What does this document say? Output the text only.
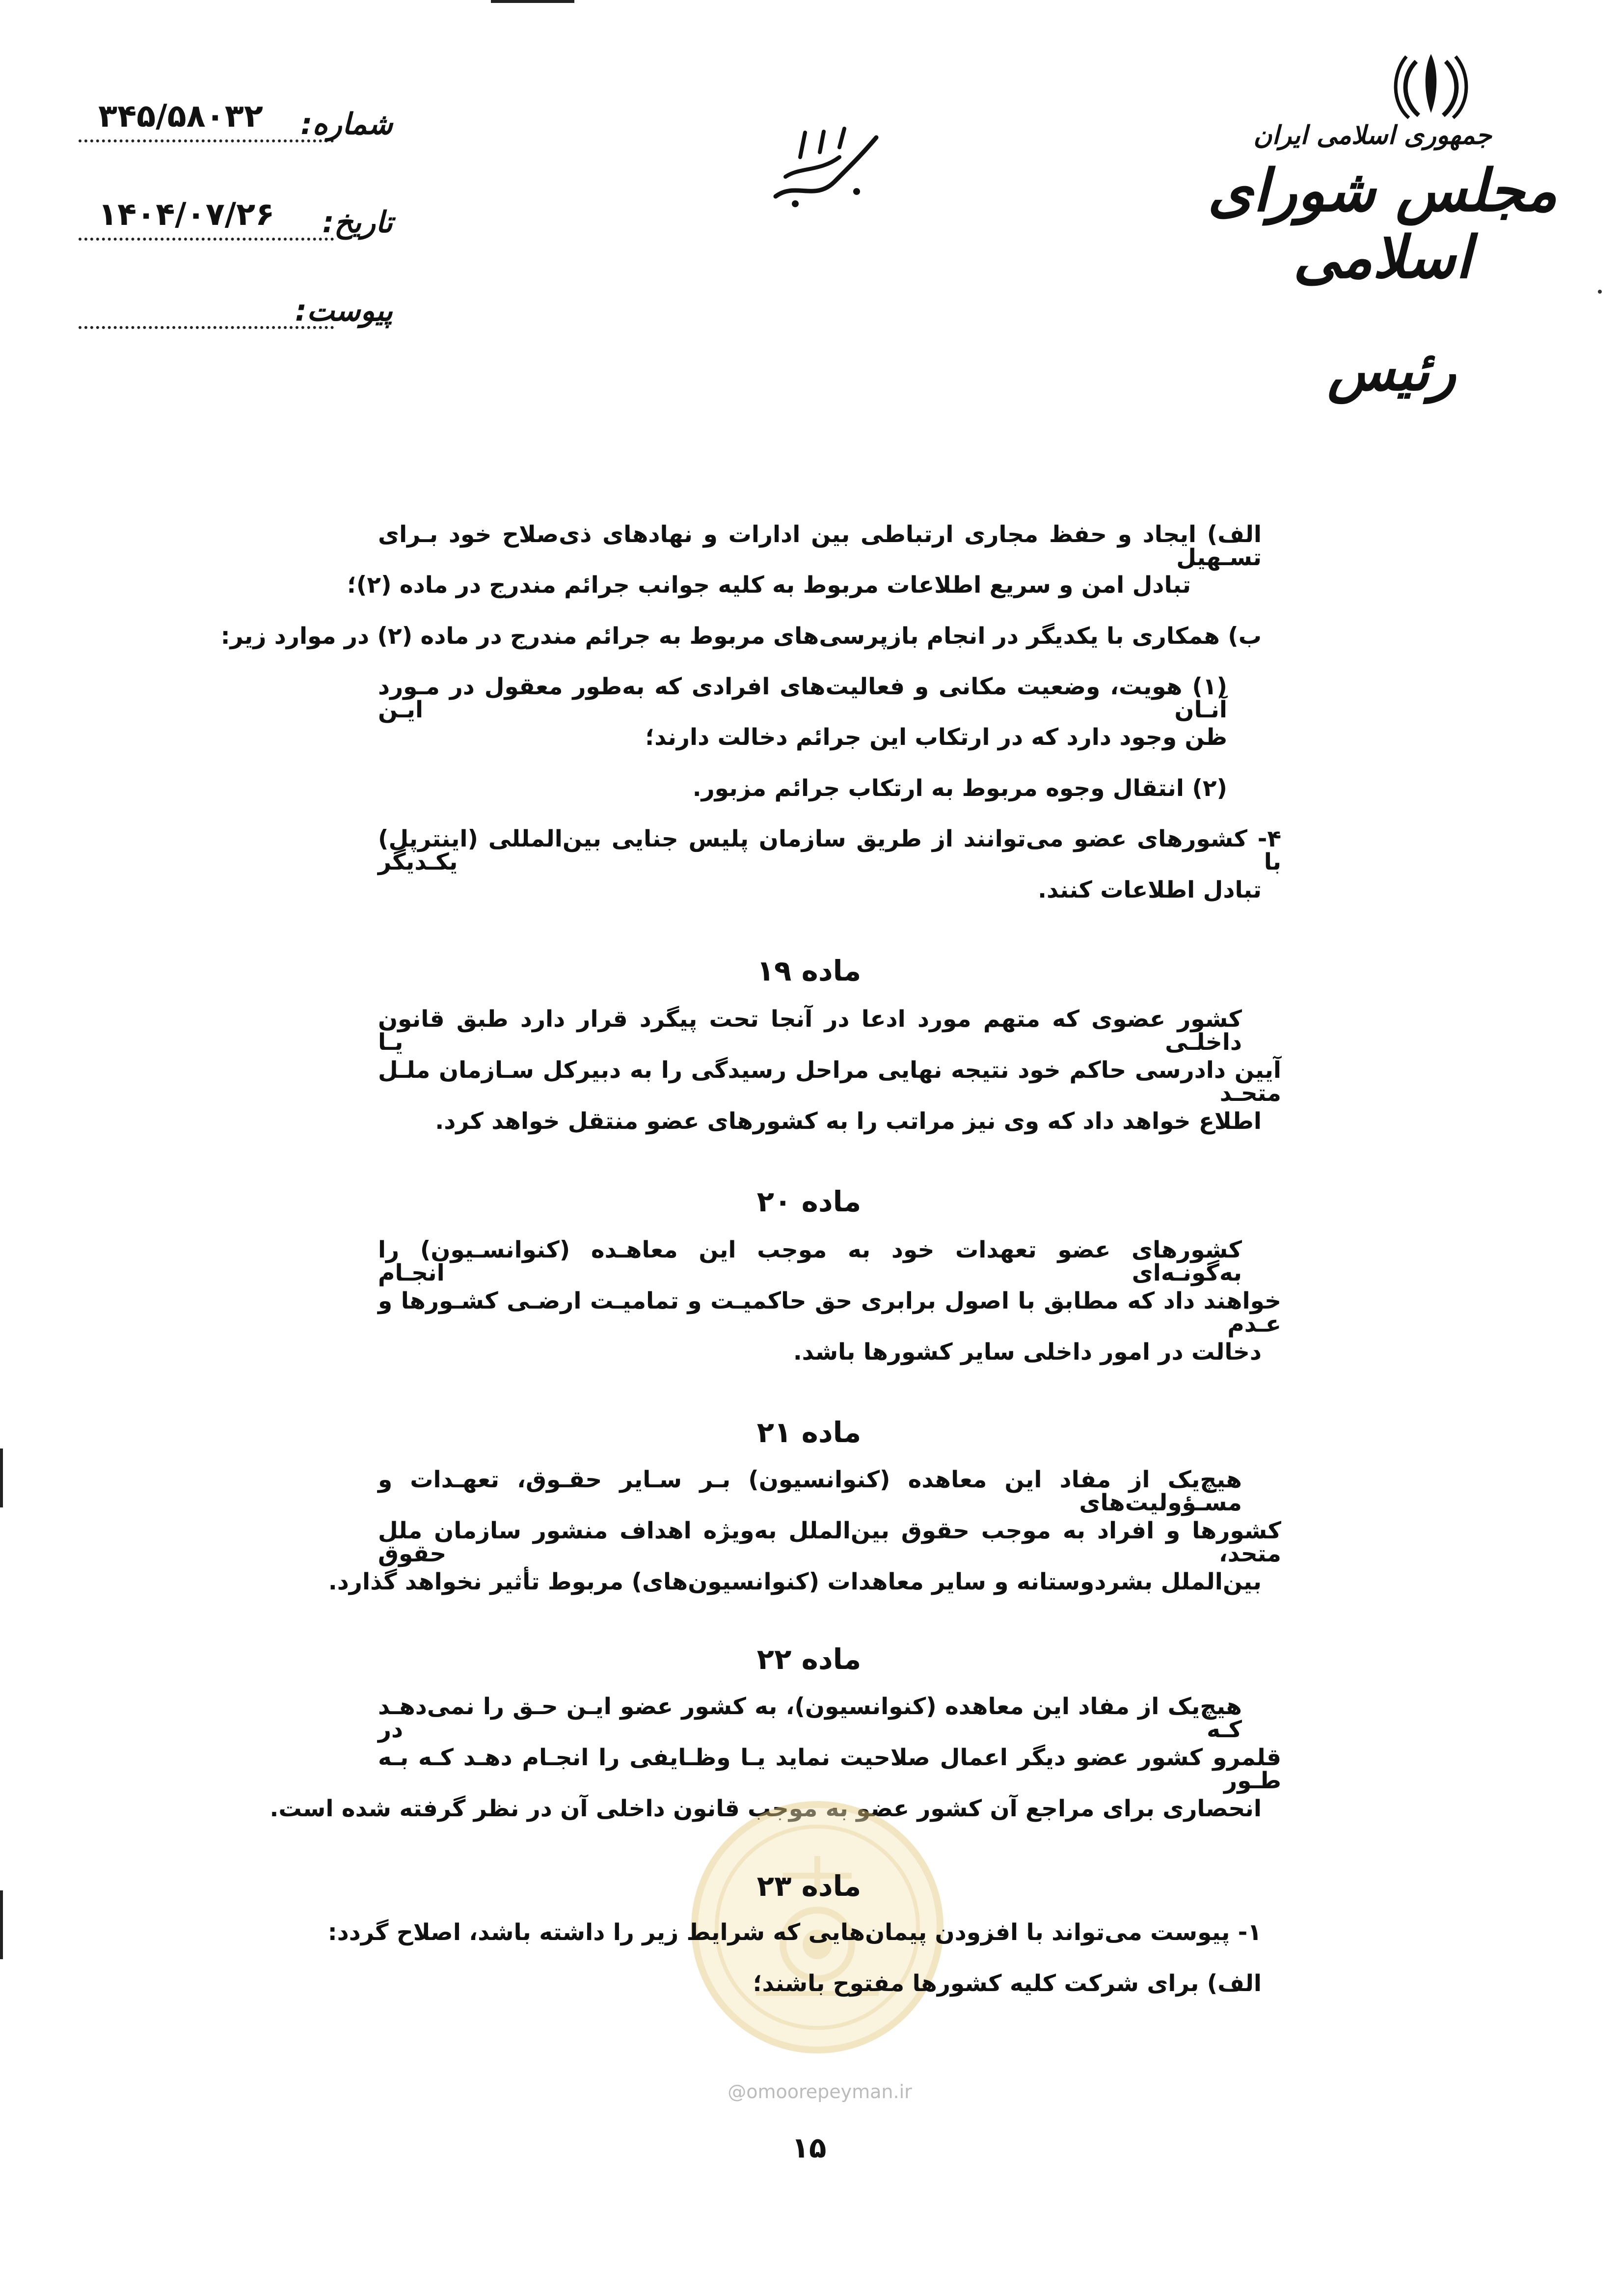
۳۴۵/۵۸۰۳۲ شماره:
۱۴۰۴/۰۷/۲۶ تاریخ:
پیوست:
جمهوری اسلامی ایران
مجلس شورای اسلامی
رئیس
الف) ایجاد و حفظ مجاری ارتباطی بین ادارات و نهادهای ذی‌صلاح خود بـرای تسـهیل
تبادل امن و سریع اطلاعات مربوط به کلیه جوانب جرائم مندرج در ماده (۲)؛
ب) همکاری با یکدیگر در انجام بازپرسی‌های مربوط به جرائم مندرج در ماده (۲) در موارد زیر:
(۱) هویت، وضعیت مکانی و فعالیت‌های افرادی که به‌طور معقول در مـورد آنـان ایـن
ظن وجود دارد که در ارتکاب این جرائم دخالت دارند؛
(۲) انتقال وجوه مربوط به ارتکاب جرائم مزبور.
۴- کشورهای عضو می‌توانند از طریق سازمان پلیس جنایی بین‌المللی (اینترپل) با یکـدیگر
تبادل اطلاعات کنند.
ماده ۱۹
کشور عضوی که متهم مورد ادعا در آنجا تحت پیگرد قرار دارد طبق قانون داخلـی یـا
آیین دادرسی حاکم خود نتیجه نهایی مراحل رسیدگی را به دبیرکل سـازمان ملـل متحـد
اطلاع خواهد داد که وی نیز مراتب را به کشورهای عضو منتقل خواهد کرد.
ماده ۲۰
کشورهای عضو تعهدات خود به موجب این معاهـده (کنوانسـیون) را به‌گونـه‌ای انجـام
خواهند داد که مطابق با اصول برابری حق حاکمیـت و تمامیـت ارضـی کشـورها و عـدم
دخالت در امور داخلی سایر کشورها باشد.
ماده ۲۱
هیچ‌یک از مفاد این معاهده (کنوانسیون) بـر سـایر حقـوق، تعهـدات و مسـؤولیت‌های
کشورها و افراد به موجب حقوق بین‌الملل به‌ویژه اهداف منشور سازمان ملل متحد، حقوق
بین‌الملل بشردوستانه و سایر معاهدات (کنوانسیون‌های) مربوط تأثیر نخواهد گذارد.
ماده ۲۲
هیچ‌یک از مفاد این معاهده (کنوانسیون)، به کشور عضو ایـن حـق را نمی‌دهـد کـه در
قلمرو کشور عضو دیگر اعمال صلاحیت نماید یـا وظـایفی را انجـام دهـد کـه بـه طـور
انحصاری برای مراجع آن کشور عضو به موجب قانون داخلی آن در نظر گرفته شده است.
ماده ۲۳
۱- پیوست می‌تواند با افزودن پیمان‌هایی که شرایط زیر را داشته باشد، اصلاح گردد:
الف) برای شرکت کلیه کشورها مفتوح باشند؛
@omoorepeyman.ir
۱۵
